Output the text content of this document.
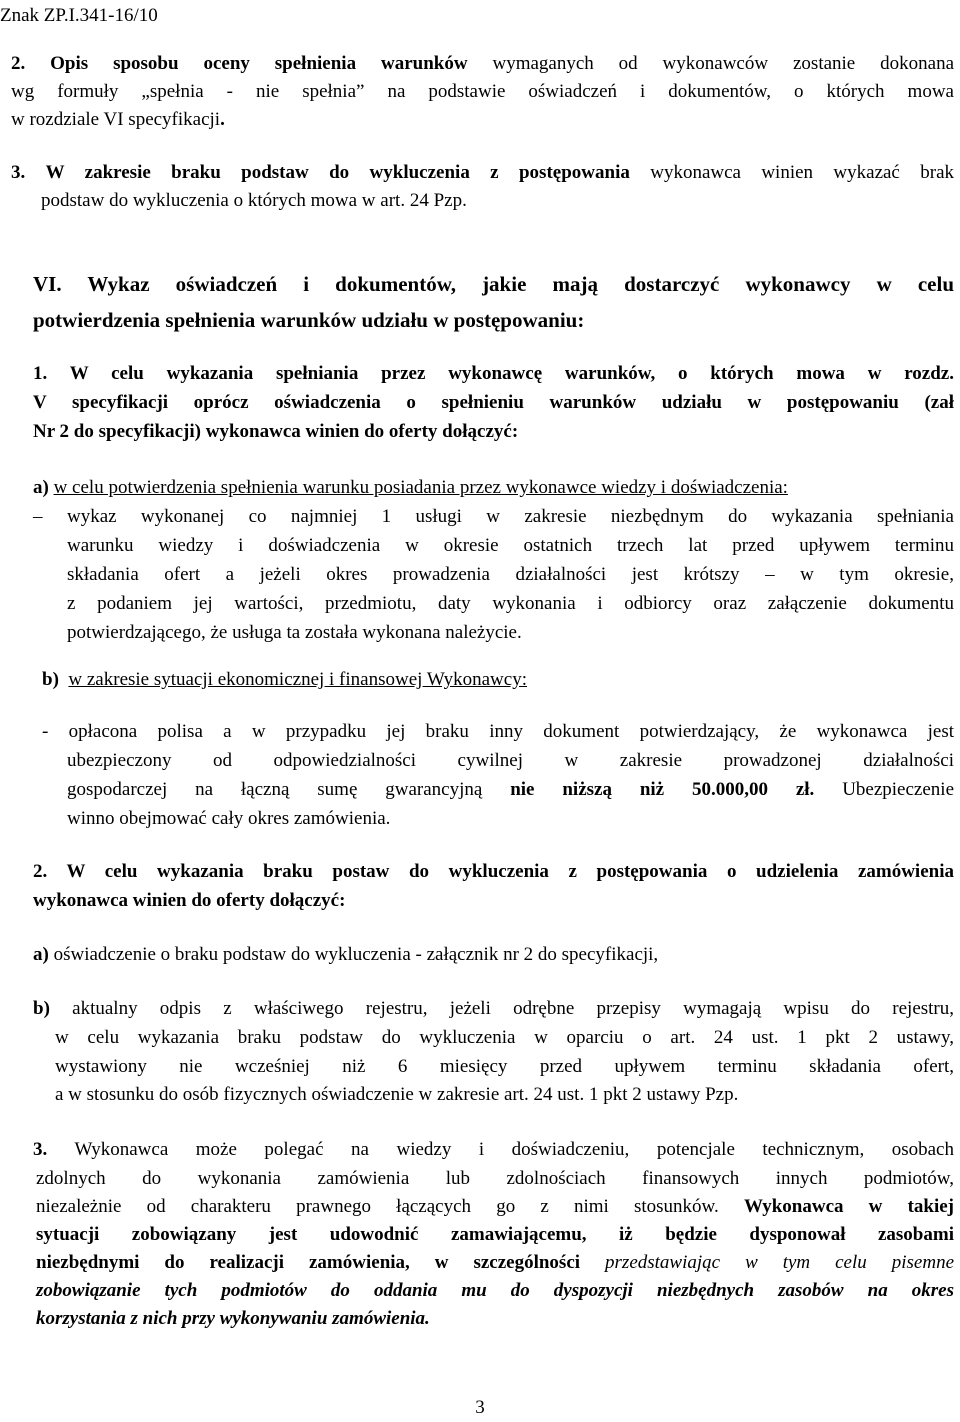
Znak ZP.I.341-16/10
2. Opis sposobu oceny spełnienia warunków wymaganych od wykonawców zostanie dokonana
wg formuły „spełnia - nie spełnia” na podstawie oświadczeń i dokumentów, o których mowa
w rozdziale VI specyfikacji.
3. W zakresie braku podstaw do wykluczenia z postępowania wykonawca winien wykazać brak
podstaw do wykluczenia o których mowa w art. 24 Pzp.
VI. Wykaz oświadczeń i dokumentów, jakie mają dostarczyć wykonawcy w celu
potwierdzenia spełnienia warunków udziału w postępowaniu:
1. W celu wykazania spełniania przez wykonawcę warunków, o których mowa w rozdz.
V specyfikacji oprócz oświadczenia o spełnieniu warunków udziału w postępowaniu (zał
Nr 2 do specyfikacji) wykonawca winien do oferty dołączyć:
a) w celu potwierdzenia spełnienia warunku posiadania przez wykonawce wiedzy i doświadczenia:
– wykaz wykonanej co najmniej 1 usługi w zakresie niezbędnym do wykazania spełniania
warunku wiedzy i doświadczenia w okresie ostatnich trzech lat przed upływem terminu
składania ofert a jeżeli okres prowadzenia działalności jest krótszy – w tym okresie,
z podaniem jej wartości, przedmiotu, daty wykonania i odbiorcy oraz załączenie dokumentu
potwierdzającego, że usługa ta została wykonana należycie.
b) w zakresie sytuacji ekonomicznej i finansowej Wykonawcy:
- opłacona polisa a w przypadku jej braku inny dokument potwierdzający, że wykonawca jest
ubezpieczony od odpowiedzialności cywilnej w zakresie prowadzonej działalności
gospodarczej na łączną sumę gwarancyjną nie niższą niż 50.000,00 zł. Ubezpieczenie
winno obejmować cały okres zamówienia.
2. W celu wykazania braku postaw do wykluczenia z postępowania o udzielenia zamówienia
wykonawca winien do oferty dołączyć:
a) oświadczenie o braku podstaw do wykluczenia - załącznik nr 2 do specyfikacji,
b) aktualny odpis z właściwego rejestru, jeżeli odrębne przepisy wymagają wpisu do rejestru,
w celu wykazania braku podstaw do wykluczenia w oparciu o art. 24 ust. 1 pkt 2 ustawy,
wystawiony nie wcześniej niż 6 miesięcy przed upływem terminu składania ofert,
a w stosunku do osób fizycznych oświadczenie w zakresie art. 24 ust. 1 pkt 2 ustawy Pzp.
3. Wykonawca może polegać na wiedzy i doświadczeniu, potencjale technicznym, osobach
zdolnych do wykonania zamówienia lub zdolnościach finansowych innych podmiotów,
niezależnie od charakteru prawnego łączących go z nimi stosunków. Wykonawca w takiej
sytuacji zobowiązany jest udowodnić zamawiającemu, iż będzie dysponował zasobami
niezbędnymi do realizacji zamówienia, w szczególności przedstawiając w tym celu pisemne
zobowiązanie tych podmiotów do oddania mu do dyspozycji niezbędnych zasobów na okres
korzystania z nich przy wykonywaniu zamówienia.
3
